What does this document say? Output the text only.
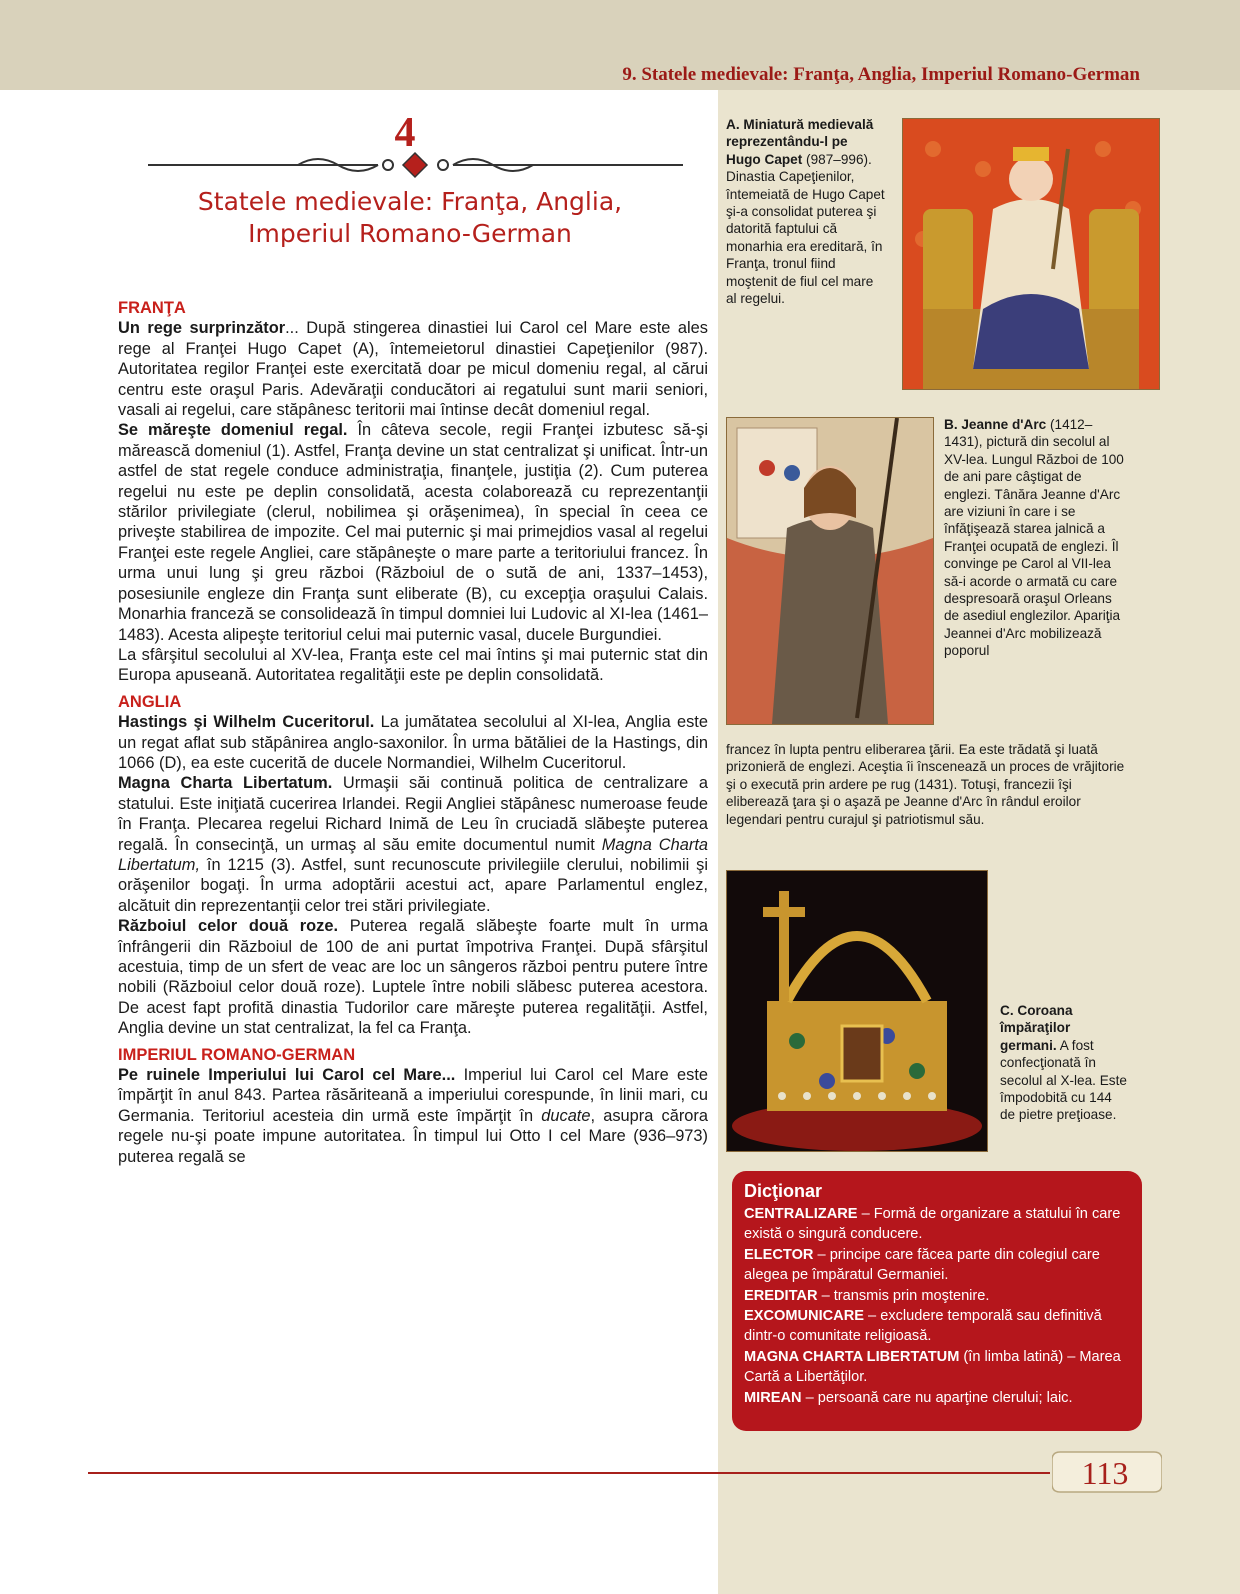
9. Statele medievale: Franţa, Anglia, Imperiul Romano-German
4
Statele medievale: Franţa, Anglia,
Imperiul Romano-German
FRANŢA

Un rege surprinzător... După stingerea dinastiei lui Carol cel Mare este ales rege al Franţei Hugo Capet (A), întemeietorul dinastiei Capeţienilor (987). Autoritatea regilor Franţei este exercitată doar pe micul domeniu regal, al cărui centru este oraşul Paris. Adevăraţii conducători ai regatului sunt marii seniori, vasali ai regelui, care stăpânesc teritorii mai întinse decât domeniul regal.

Se măreşte domeniul regal. În câteva secole, regii Franţei izbutesc să-şi mărească domeniul (1). Astfel, Franţa devine un stat centralizat şi unificat. Într-un astfel de stat regele conduce administraţia, finanţele, justiţia (2). Cum puterea regelui nu este pe deplin consolidată, acesta colaborează cu reprezentanţii stărilor privilegiate (clerul, nobilimea şi orăşenimea), în special în ceea ce priveşte stabilirea de impozite. Cel mai puternic şi mai primejdios vasal al regelui Franţei este regele Angliei, care stăpâneşte o mare parte a teritoriului francez. În urma unui lung şi greu război (Războiul de o sută de ani, 1337–1453), posesiunile engleze din Franţa sunt eliberate (B), cu excepţia oraşului Calais. Monarhia franceză se consolidează în timpul domniei lui Ludovic al XI-lea (1461–1483). Acesta alipeşte teritoriul celui mai puternic vasal, ducele Burgundiei.

La sfârşitul secolului al XV-lea, Franţa este cel mai întins şi mai puternic stat din Europa apuseană. Autoritatea regalităţii este pe deplin consolidată.

ANGLIA

Hastings şi Wilhelm Cuceritorul. La jumătatea secolului al XI-lea, Anglia este un regat aflat sub stăpânirea anglo-saxonilor. În urma bătăliei de la Hastings, din 1066 (D), ea este cucerită de ducele Normandiei, Wilhelm Cuceritorul.

Magna Charta Libertatum. Urmaşii săi continuă politica de centralizare a statului. Este iniţiată cucerirea Irlandei. Regii Angliei stăpânesc numeroase feude în Franţa. Plecarea regelui Richard Inimă de Leu în cruciadă slăbeşte puterea regală. În consecinţă, un urmaş al său emite documentul numit Magna Charta Libertatum, în 1215 (3). Astfel, sunt recunoscute privilegiile clerului, nobilimii şi orăşenilor bogaţi. În urma adoptării acestui act, apare Parlamentul englez, alcătuit din reprezentanţii celor trei stări privilegiate.

Războiul celor două roze. Puterea regală slăbeşte foarte mult în urma înfrângerii din Războiul de 100 de ani purtat împotriva Franţei. După sfârşitul acestuia, timp de un sfert de veac are loc un sângeros război pentru putere între nobili (Războiul celor două roze). Luptele între nobili slăbesc puterea acestora. De acest fapt profită dinastia Tudorilor care măreşte puterea regalităţii. Astfel, Anglia devine un stat centralizat, la fel ca Franţa.

IMPERIUL ROMANO-GERMAN

Pe ruinele Imperiului lui Carol cel Mare... Imperiul lui Carol cel Mare este împărţit în anul 843. Partea răsăriteană a imperiului corespunde, în linii mari, cu Germania. Teritoriul acesteia din urmă este împărţit în ducate, asupra cărora regele nu-şi poate impune autoritatea. În timpul lui Otto I cel Mare (936–973) puterea regală se

A. Miniatură medievală reprezentându-l pe Hugo Capet (987–996). Dinastia Capeţienilor, întemeiată de Hugo Capet şi-a consolidat puterea şi datorită faptului că monarhia era ereditară, în Franţa, tronul fiind moştenit de fiul cel mare al regelui.
B. Jeanne d'Arc (1412–1431), pictură din secolul al XV-lea. Lungul Război de 100 de ani pare câştigat de englezi. Tânăra Jeanne d'Arc are viziuni în care i se înfăţişează starea jalnică a Franţei ocupată de englezi. Îl convinge pe Carol al VII-lea să-i acorde o armată cu care despresoară oraşul Orleans de asediul englezilor. Apariţia Jeannei d'Arc mobilizează poporul
francez în lupta pentru eliberarea ţării. Ea este trădată şi luată prizonieră de englezi. Aceştia îi înscenează un proces de vrăjitorie şi o execută prin ardere pe rug (1431). Totuşi, francezii îşi eliberează ţara şi o aşază pe Jeanne d'Arc în rândul eroilor legendari pentru curajul şi patriotismul său.
C. Coroana împăraţilor germani. A fost confecţionată în secolul al X-lea. Este împodobită cu 144 de pietre preţioase.
Dicţionar
CENTRALIZARE – Formă de organizare a statului în care există o singură conducere.
ELECTOR – principe care făcea parte din colegiul care alegea pe împăratul Germaniei.
EREDITAR – transmis prin moştenire.
EXCOMUNICARE – excludere temporală sau definitivă dintr-o comunitate religioasă.
MAGNA CHARTA LIBERTATUM (în limba latină) – Marea Cartă a Libertăţilor.
MIREAN – persoană care nu aparţine clerului; laic.
113
